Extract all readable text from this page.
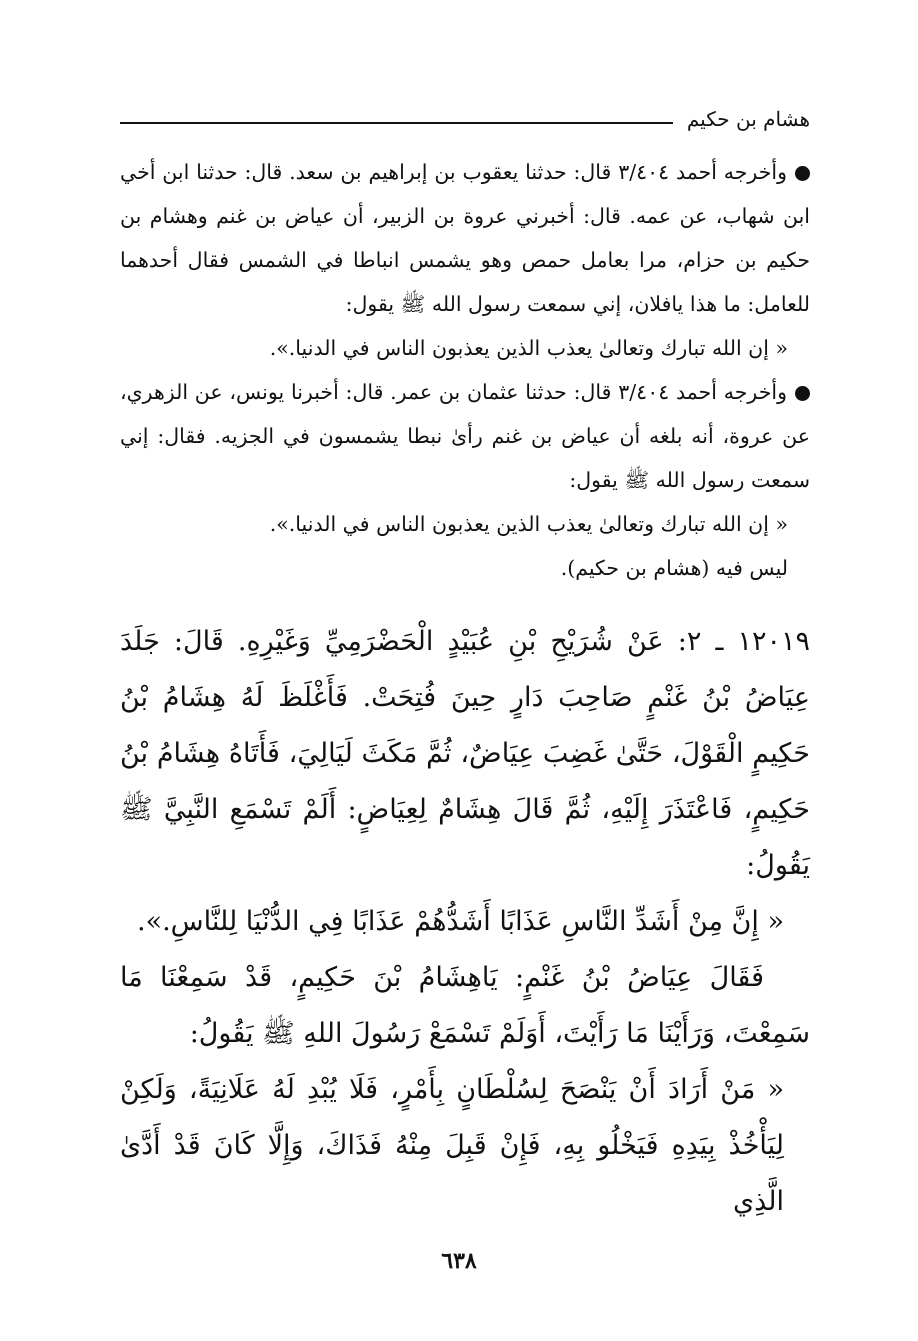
هشام بن حكيم

وأخرجه أحمد ٣/٤٠٤ قال: حدثنا يعقوب بن إبراهيم بن سعد. قال: حدثنا ابن أخي ابن شهاب، عن عمه. قال: أخبرني عروة بن الزبير، أن عياض بن غنم وهشام بن حكيم بن حزام، مرا بعامل حمص وهو يشمس انباطا في الشمس فقال أحدهما للعامل: ما هذا يافلان، إني سمعت رسول الله ﷺ يقول:

« إن الله تبارك وتعالىٰ يعذب الذين يعذبون الناس في الدنيا.».

وأخرجه أحمد ٣/٤٠٤ قال: حدثنا عثمان بن عمر. قال: أخبرنا يونس، عن الزهري، عن عروة، أنه بلغه أن عياض بن غنم رأىٰ نبطا يشمسون في الجزيه. فقال: إني سمعت رسول الله ﷺ يقول:

« إن الله تبارك وتعالىٰ يعذب الذين يعذبون الناس في الدنيا.».

ليس فيه (هشام بن حكيم).

١٢٠١٩ ـ ٢: عَنْ شُرَيْحِ بْنِ عُبَيْدٍ الْحَضْرَمِيِّ وَغَيْرِهِ. قَالَ: جَلَدَ عِيَاضُ بْنُ غَنْمٍ صَاحِبَ دَارٍ حِينَ فُتِحَتْ. فَأَغْلَظَ لَهُ هِشَامُ بْنُ حَكِيمٍ الْقَوْلَ، حَتَّىٰ غَضِبَ عِيَاضٌ، ثُمَّ مَكَثَ لَيَالِيَ، فَأَتَاهُ هِشَامُ بْنُ حَكِيمٍ، فَاعْتَذَرَ إِلَيْهِ، ثُمَّ قَالَ هِشَامٌ لِعِيَاضٍ: أَلَمْ تَسْمَعِ النَّبِيَّ ﷺ يَقُولُ:

« إِنَّ مِنْ أَشَدِّ النَّاسِ عَذَابًا أَشَدُّهُمْ عَذَابًا فِي الدُّنْيَا لِلنَّاسِ.».

فَقَالَ عِيَاضُ بْنُ غَنْمٍ: يَاهِشَامُ بْنَ حَكِيمٍ، قَدْ سَمِعْنَا مَا سَمِعْتَ، وَرَأَيْنَا مَا رَأَيْتَ، أَوَلَمْ تَسْمَعْ رَسُولَ اللهِ ﷺ يَقُولُ:

« مَنْ أَرَادَ أَنْ يَنْصَحَ لِسُلْطَانٍ بِأَمْرٍ، فَلَا يُبْدِ لَهُ عَلَانِيَةً، وَلَكِنْ لِيَأْخُذْ بِيَدِهِ فَيَخْلُو بِهِ، فَإِنْ قَبِلَ مِنْهُ فَذَاكَ، وَإِلَّا كَانَ قَدْ أَدَّىٰ الَّذِي

٦٣٨
